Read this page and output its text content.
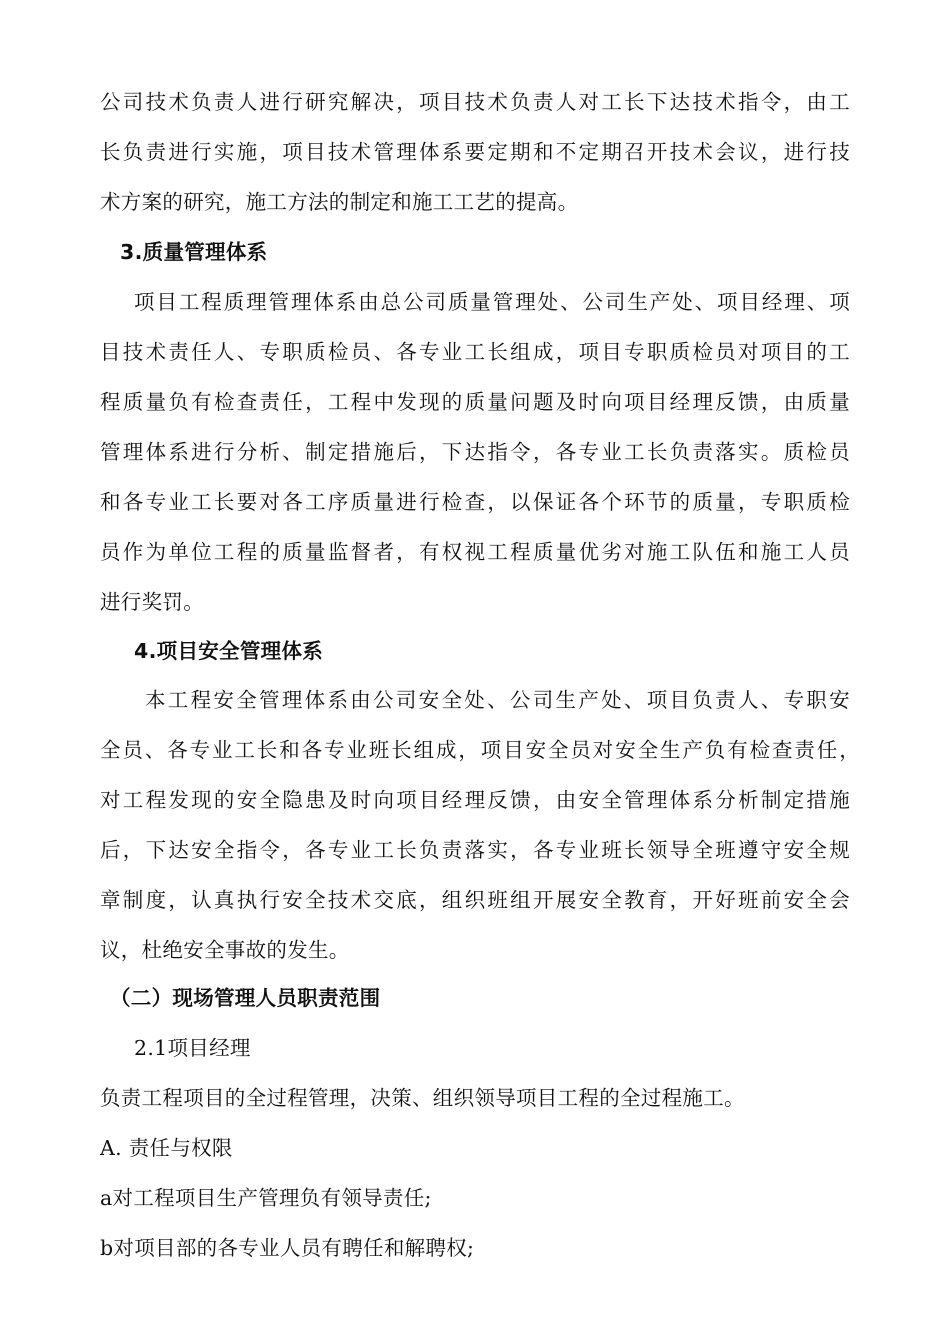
公司技术负责人进行研究解决，项目技术负责人对工长下达技术指令，由工
长负责进行实施，项目技术管理体系要定期和不定期召开技术会议，进行技
术方案的研究，施工方法的制定和施工工艺的提高。
3.质量管理体系
项目工程质理管理体系由总公司质量管理处、公司生产处、项目经理、项
目技术责任人、专职质检员、各专业工长组成，项目专职质检员对项目的工
程质量负有检查责任，工程中发现的质量问题及时向项目经理反馈，由质量
管理体系进行分析、制定措施后，下达指令，各专业工长负责落实。质检员
和各专业工长要对各工序质量进行检查，以保证各个环节的质量，专职质检
员作为单位工程的质量监督者，有权视工程质量优劣对施工队伍和施工人员
进行奖罚。
4.项目安全管理体系
本工程安全管理体系由公司安全处、公司生产处、项目负责人、专职安
全员、各专业工长和各专业班长组成，项目安全员对安全生产负有检查责任，
对工程发现的安全隐患及时向项目经理反馈，由安全管理体系分析制定措施
后，下达安全指令，各专业工长负责落实，各专业班长领导全班遵守安全规
章制度，认真执行安全技术交底，组织班组开展安全教育，开好班前安全会
议，杜绝安全事故的发生。
（二）现场管理人员职责范围
2.1项目经理
负责工程项目的全过程管理，决策、组织领导项目工程的全过程施工。
A. 责任与权限
a对工程项目生产管理负有领导责任;
b对项目部的各专业人员有聘任和解聘权;
